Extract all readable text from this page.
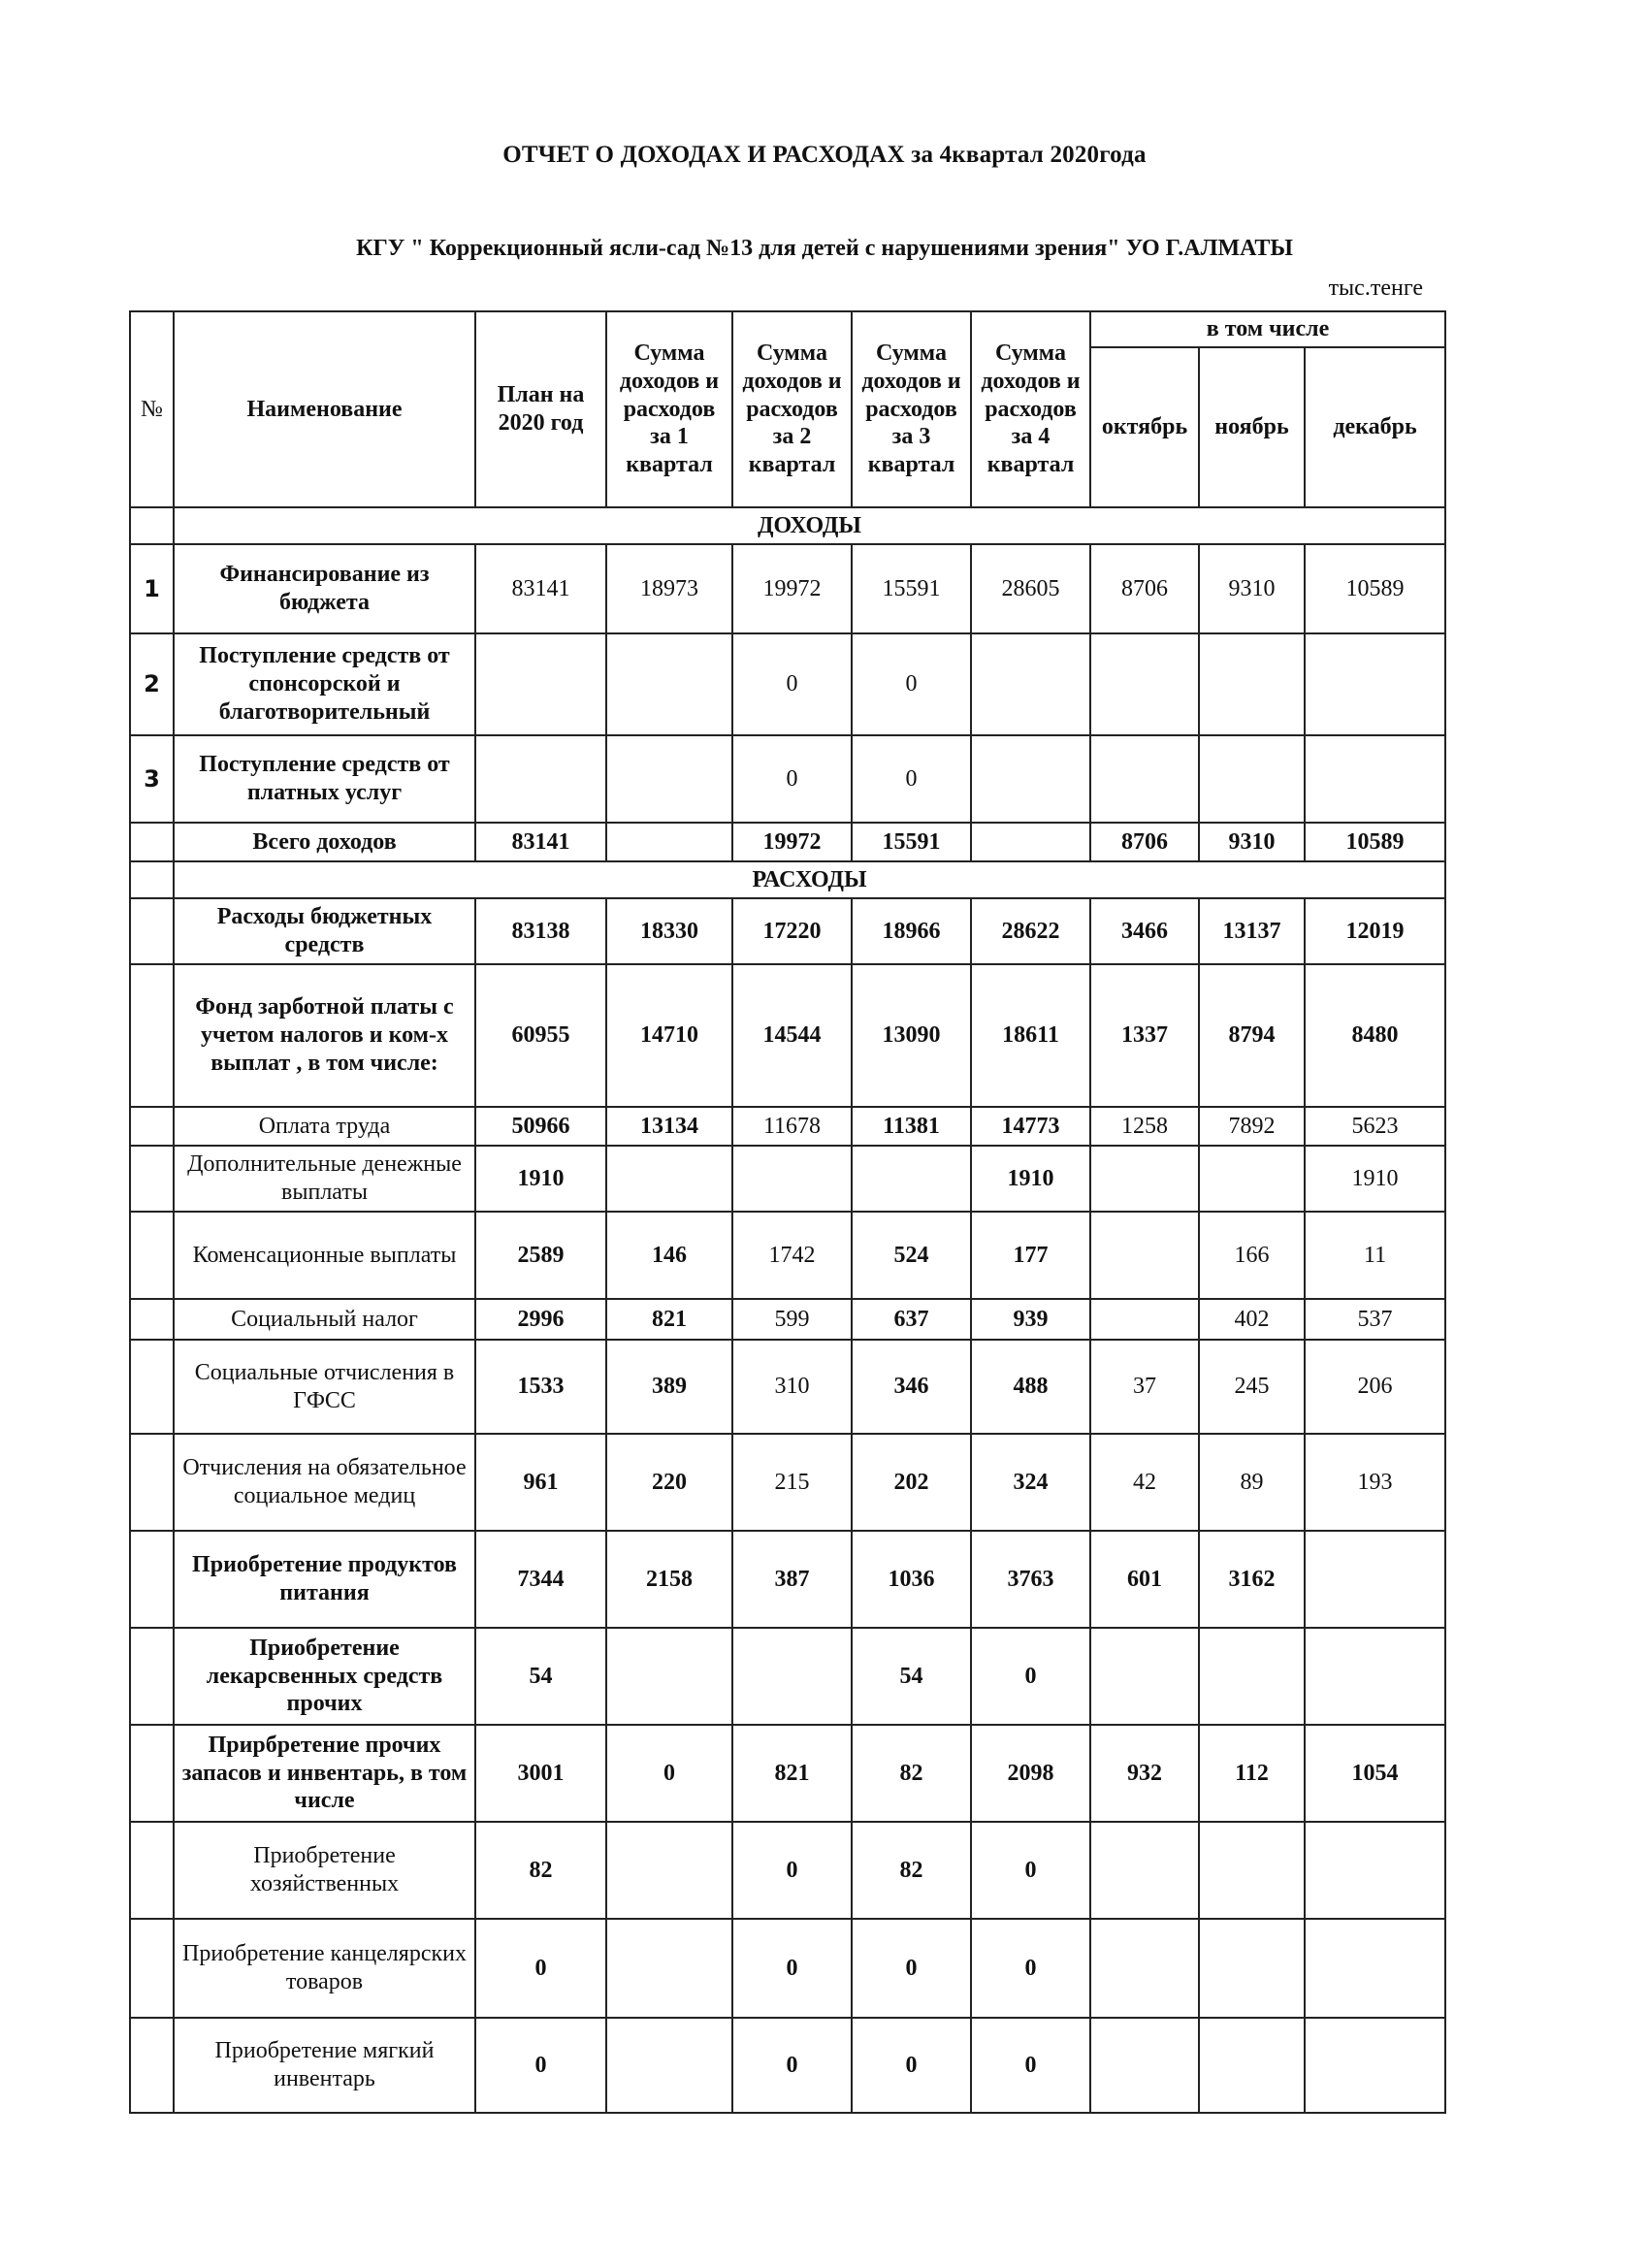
ОТЧЕТ О ДОХОДАХ И РАСХОДАХ за 4квартал 2020года
КГУ " Коррекционный ясли-сад №13 для детей с нарушениями зрения" УО Г.АЛМАТЫ
тыс.тенге
№	Наименование	План на 2020 год	Сумма доходов и расходов за 1 квартал	Сумма доходов и расходов за 2 квартал	Сумма доходов и расходов за 3 квартал	Сумма доходов и расходов за 4 квартал	в том числе		
							октябрь	ноябрь	декабрь
	ДОХОДЫ								
1	Финансирование из бюджета	83141	18973	19972	15591	28605	8706	9310	10589
2	Поступление средств от спонсорской и благотворительный			0	0				
3	Поступление средств от платных услуг			0	0				
	Всего доходов	83141		19972	15591		8706	9310	10589
	РАСХОДЫ								
	Расходы бюджетных средств	83138	18330	17220	18966	28622	3466	13137	12019
	Фонд зарботной платы с учетом налогов и ком-х выплат , в том числе:	60955	14710	14544	13090	18611	1337	8794	8480
	Оплата труда	50966	13134	11678	11381	14773	1258	7892	5623
	Дополнительные денежные выплаты	1910				1910			1910
	Коменсационные выплаты	2589	146	1742	524	177		166	11
	Социальный налог	2996	821	599	637	939		402	537
	Социальные отчисления в ГФСС	1533	389	310	346	488	37	245	206
	Отчисления на обязательное социальное медиц	961	220	215	202	324	42	89	193
	Приобретение продуктов питания	7344	2158	387	1036	3763	601	3162	
	Приобретение лекарсвенных средств прочих	54			54	0			
	Прирбретение прочих запасов и инвентарь, в том числе	3001	0	821	82	2098	932	112	1054
	Приобретение хозяйственных	82		0	82	0			
	Приобретение канцелярских товаров	0		0	0	0			
	Приобретение мягкий инвентарь	0		0	0	0			
